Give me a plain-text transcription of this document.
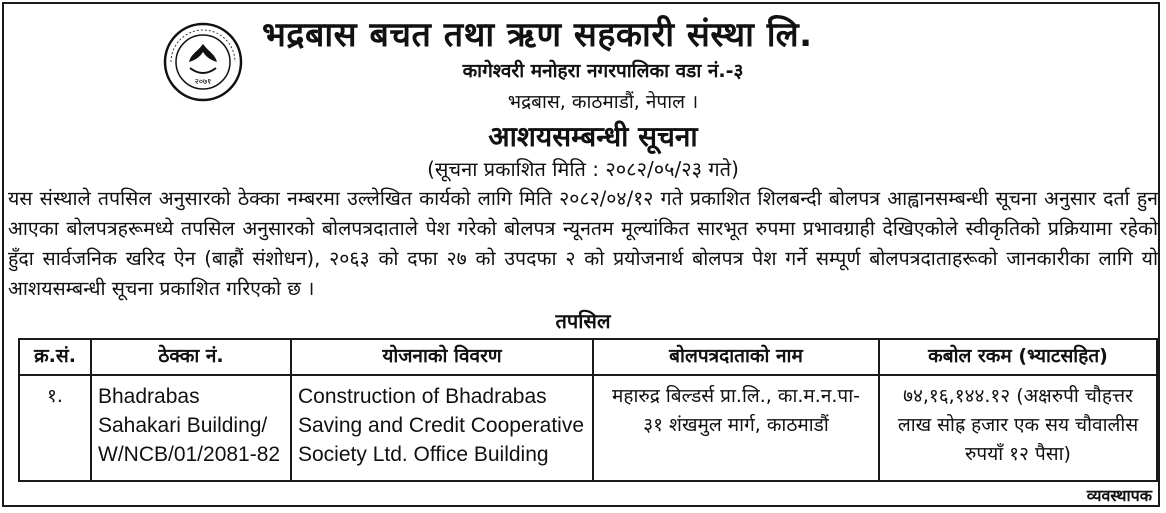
२०७१
भद्रबास बचत तथा ऋण सहकारी संस्था लि.
कागेश्वरी मनोहरा नगरपालिका वडा नं.-३
भद्रबास, काठमाडौं, नेपाल ।
आशयसम्बन्धी सूचना
(सूचना प्रकाशित मिति : २०८२/०५/२३ गते)
यस संस्थाले तपसिल अनुसारको ठेक्का नम्बरमा उल्लेखित कार्यको लागि मिति २०८२/०४/१२ गते प्रकाशित शिलबन्दी बोलपत्र आह्वानसम्बन्धी सूचना अनुसार दर्ता हुन आएका बोलपत्रहरूमध्ये तपसिल अनुसारको बोलपत्रदाताले पेश गरेको बोलपत्र न्यूनतम मूल्यांकित सारभूत रुपमा प्रभावग्राही देखिएकोले स्वीकृतिको प्रक्रियामा रहेको हुँदा सार्वजनिक खरिद ऐन (बाह्रौं संशोधन), २०६३ को दफा २७ को उपदफा २ को प्रयोजनार्थ बोलपत्र पेश गर्ने सम्पूर्ण बोलपत्रदाताहरूको जानकारीका लागि यो आशयसम्बन्धी सूचना प्रकाशित गरिएको छ ।
तपसिल
क्र.सं.	ठेक्का नं.	योजनाको विवरण	बोलपत्रदाताको नाम	कबोल रकम (भ्याटसहित)
१.	Bhadrabas Sahakari Building/ W/NCB/01/2081-82	Construction of Bhadrabas Saving and Credit Cooperative Society Ltd. Office Building	महारुद्र बिल्डर्स प्रा.लि., का.म.न.पा- ३१ शंखमुल मार्ग, काठमाडौं	७४,१६,१४४.१२ (अक्षरुपी चौहत्तर लाख सोह्र हजार एक सय चौवालीस रुपयाँ १२ पैसा)
व्यवस्थापक
